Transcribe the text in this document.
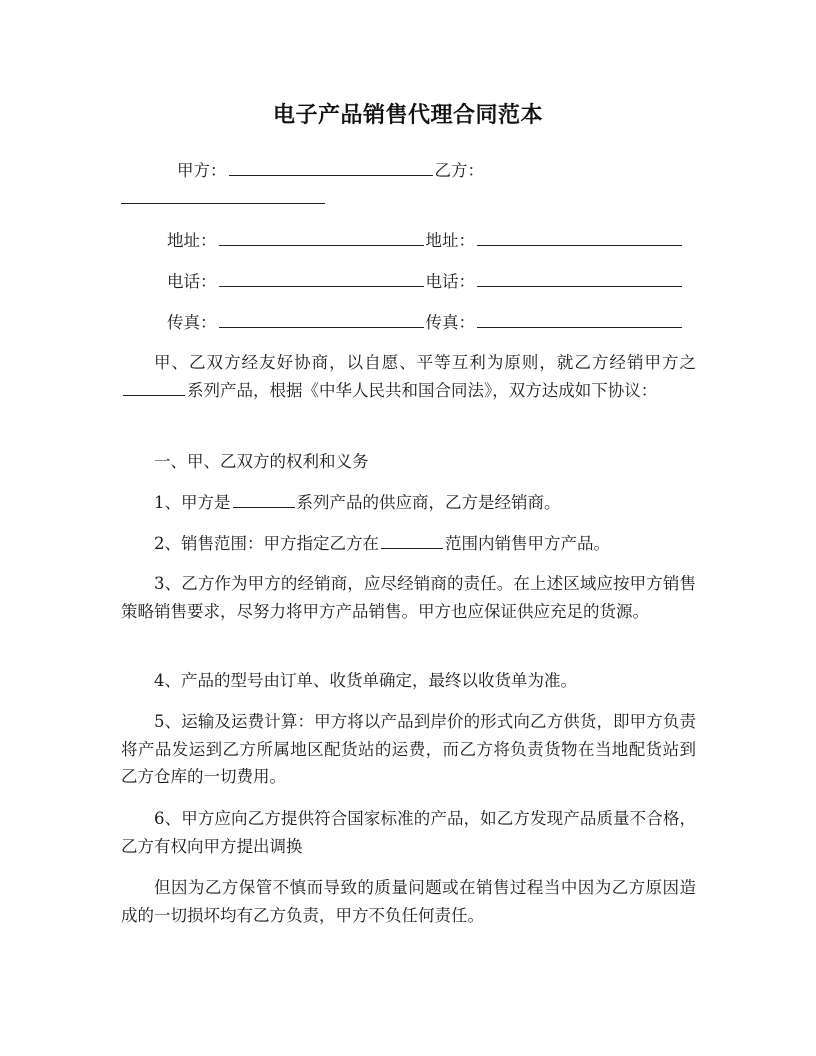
电子产品销售代理合同范本
甲方：	乙方：
地址：	地址：
电话：	电话：
传真：	传真：

甲、乙双方经友好协商，以自愿、平等互利为原则，就乙方经销甲方之系列产品，根据《中华人民共和国合同法》，双方达成如下协议：

一、甲、乙双方的权利和义务

1、甲方是	系列产品的供应商，乙方是经销商。

2、销售范围：甲方指定乙方在	范围内销售甲方产品。

3、乙方作为甲方的经销商，应尽经销商的责任。在上述区域应按甲方销售策略销售要求，尽努力将甲方产品销售。甲方也应保证供应充足的货源。

4、产品的型号由订单、收货单确定，最终以收货单为准。

5、运输及运费计算：甲方将以产品到岸价的形式向乙方供货，即甲方负责将产品发运到乙方所属地区配货站的运费，而乙方将负责货物在当地配货站到乙方仓库的一切费用。

6、甲方应向乙方提供符合国家标准的产品，如乙方发现产品质量不合格，乙方有权向甲方提出调换

但因为乙方保管不慎而导致的质量问题或在销售过程当中因为乙方原因造成的一切损坏均有乙方负责，甲方不负任何责任。
